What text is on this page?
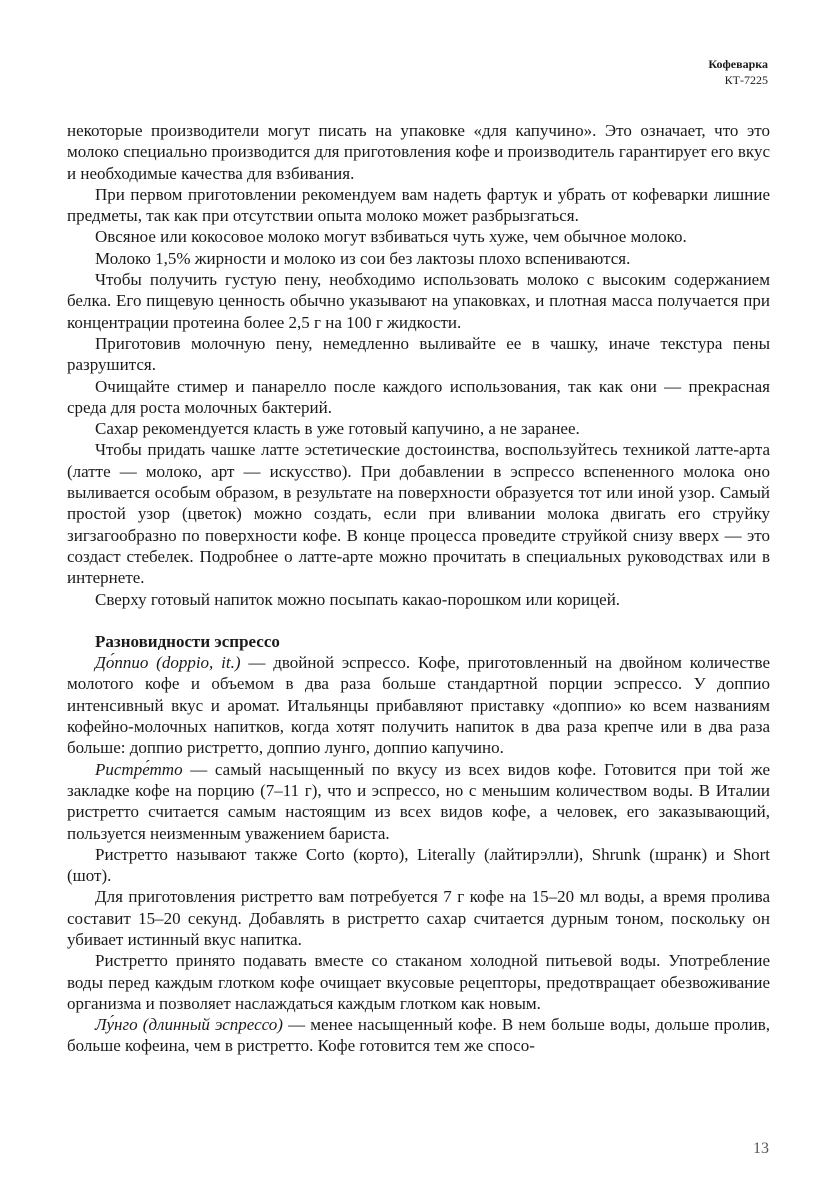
Кофеварка
КТ-7225

некоторые производители могут писать на упаковке «для капучино». Это означает, что это молоко специально производится для приготовления кофе и производитель гарантирует его вкус и необходимые качества для взбивания.

При первом приготовлении рекомендуем вам надеть фартук и убрать от кофеварки лишние предметы, так как при отсутствии опыта молоко может разбрызгаться.

Овсяное или кокосовое молоко могут взбиваться чуть хуже, чем обычное молоко.

Молоко 1,5% жирности и молоко из сои без лактозы плохо вспениваются.

Чтобы получить густую пену, необходимо использовать молоко с высоким содержанием белка. Его пищевую ценность обычно указывают на упаковках, и плотная масса получается при концентрации протеина более 2,5 г на 100 г жидкости.

Приготовив молочную пену, немедленно выливайте ее в чашку, иначе текстура пены разрушится.

Очищайте стимер и панарелло после каждого использования, так как они — прекрасная среда для роста молочных бактерий.

Сахар рекомендуется класть в уже готовый капучино, а не заранее.

Чтобы придать чашке латте эстетические достоинства, воспользуйтесь техникой латте-арта (латте — молоко, арт — искусство). При добавлении в эспрессо вспененного молока оно выливается особым образом, в результате на поверхности образуется тот или иной узор. Самый простой узор (цветок) можно создать, если при вливании молока двигать его струйку зигзагообразно по поверхности кофе. В конце процесса проведите струйкой снизу вверх — это создаст стебелек. Подробнее о латте-арте можно прочитать в специальных руководствах или в интернете.

Сверху готовый напиток можно посыпать какао-порошком или корицей.

Разновидности эспрессо

До́ппио (doppio, it.) — двойной эспрессо. Кофе, приготовленный на двойном количестве молотого кофе и объемом в два раза больше стандартной порции эспрессо. У доппио интенсивный вкус и аромат. Итальянцы прибавляют приставку «доппио» ко всем названиям кофейно-молочных напитков, когда хотят получить напиток в два раза крепче или в два раза больше: доппио ристретто, доппио лунго, доппио капучино.

Ристре́тто — самый насыщенный по вкусу из всех видов кофе. Готовится при той же закладке кофе на порцию (7–11 г), что и эспрессо, но с меньшим количеством воды. В Италии ристретто считается самым настоящим из всех видов кофе, а человек, его заказывающий, пользуется неизменным уважением бариста.

Ристретто называют также Corto (корто), Literally (лайтирэлли), Shrunk (шранк) и Short (шот).

Для приготовления ристретто вам потребуется 7 г кофе на 15–20 мл воды, а время пролива составит 15–20 секунд. Добавлять в ристретто сахар считается дурным тоном, поскольку он убивает истинный вкус напитка.

Ристретто принято подавать вместе со стаканом холодной питьевой воды. Употребление воды перед каждым глотком кофе очищает вкусовые рецепторы, предотвращает обезвоживание организма и позволяет наслаждаться каждым глотком как новым.

Лу́нго (длинный эспрессо) — менее насыщенный кофе. В нем больше воды, дольше пролив, больше кофеина, чем в ристретто. Кофе готовится тем же спосо-

13
